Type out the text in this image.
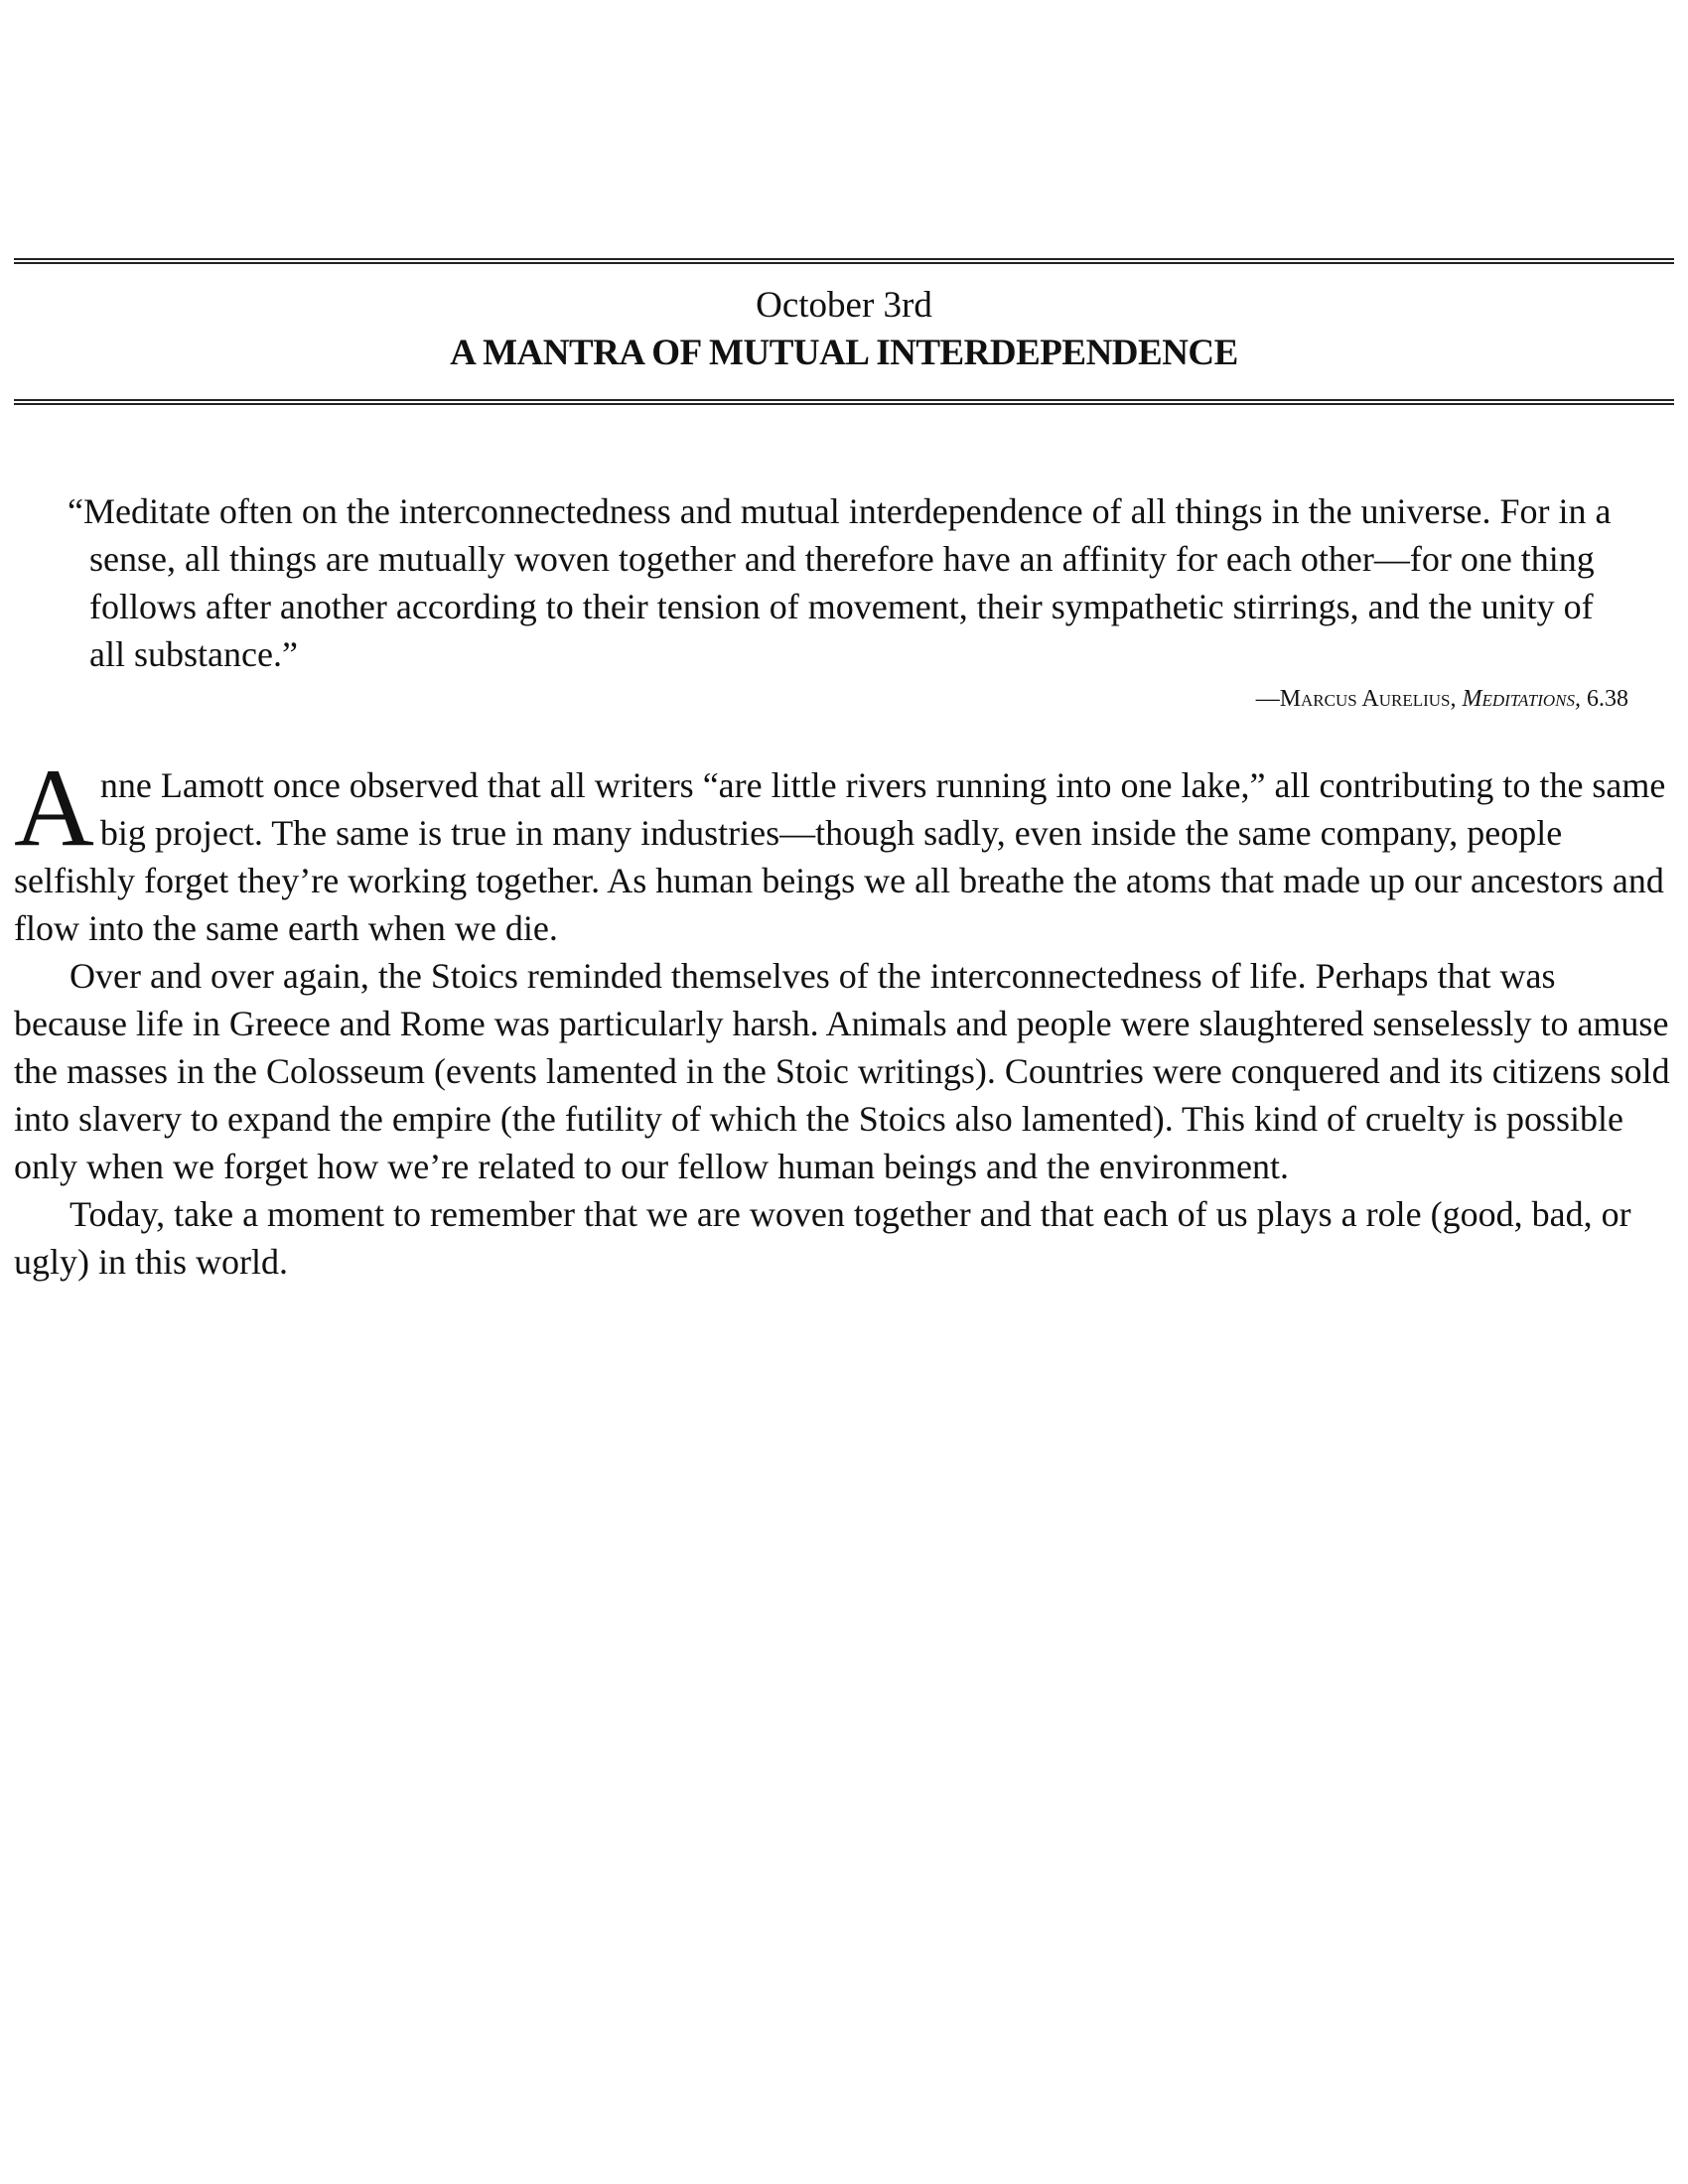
October 3rd
A MANTRA OF MUTUAL INTERDEPENDENCE

“Meditate often on the interconnectedness and mutual interdependence of all things in the universe. For in a sense, all things are mutually woven together and therefore have an affinity for each other—for one thing follows after another according to their tension of movement, their sympathetic stirrings, and the unity of all substance.”

—Marcus Aurelius, Meditations, 6.38

Anne Lamott once observed that all writers “are little rivers running into one lake,” all contributing to the same big project. The same is true in many industries—though sadly, even inside the same company, people selfishly forget they’re working together. As human beings we all breathe the atoms that made up our ancestors and flow into the same earth when we die.

Over and over again, the Stoics reminded themselves of the interconnectedness of life. Perhaps that was because life in Greece and Rome was particularly harsh. Animals and people were slaughtered senselessly to amuse the masses in the Colosseum (events lamented in the Stoic writings). Countries were conquered and its citizens sold into slavery to expand the empire (the futility of which the Stoics also lamented). This kind of cruelty is possible only when we forget how we’re related to our fellow human beings and the environment.

Today, take a moment to remember that we are woven together and that each of us plays a role (good, bad, or ugly) in this world.
